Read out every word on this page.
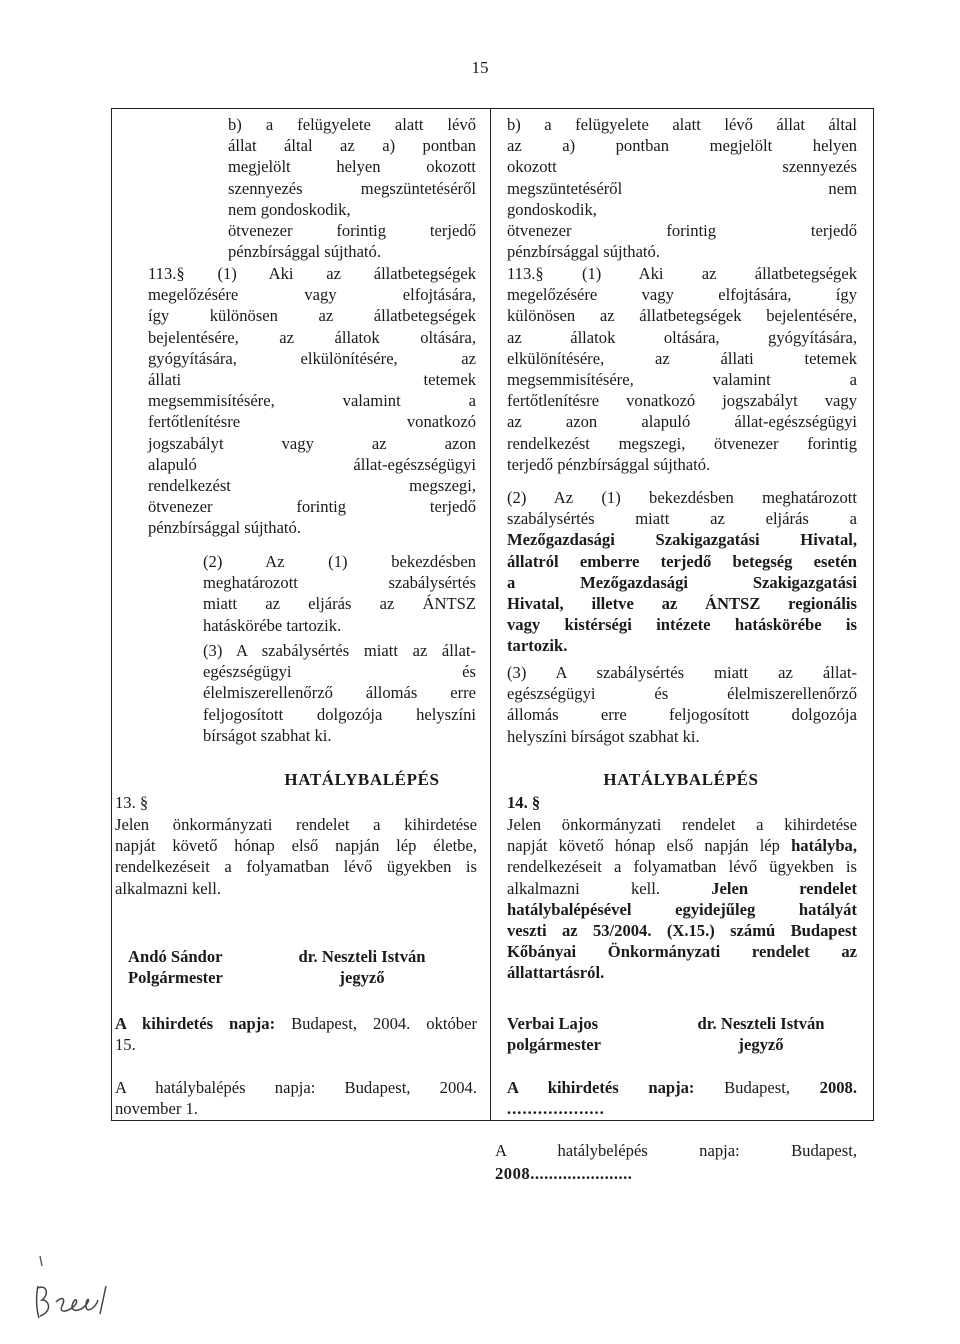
15
b) a felügyelete alatt lévő
állat által az a) pontban
megjelölt helyen okozott
szennyezés megszüntetéséről
nem gondoskodik,
ötvenezer forintig terjedő
pénzbírsággal sújtható.
113.§ (1) Aki az állatbetegségek
megelőzésére vagy elfojtására,
így különösen az állatbetegségek
bejelentésére, az állatok oltására,
gyógyítására, elkülönítésére, az
állati tetemek
megsemmisítésére, valamint a
fertőtlenítésre vonatkozó
jogszabályt vagy az azon
alapuló állat-egészségügyi
rendelkezést megszegi,
ötvenezer forintig terjedő
pénzbírsággal sújtható.
(2) Az (1) bekezdésben
meghatározott szabálysértés
miatt az eljárás az ÁNTSZ
hatáskörébe tartozik.
(3) A szabálysértés miatt az állat-
egészségügyi és
élelmiszerellenőrző állomás erre
feljogosított dolgozója helyszíni
bírságot szabhat ki.
HATÁLYBALÉPÉS
13. §
Jelen önkormányzati rendelet a kihirdetése
napját követő hónap első napján lép életbe,
rendelkezéseit a folyamatban lévő ügyekben is
alkalmazni kell.
Andó Sándor
Polgármester
dr. Neszteli István
jegyző
A kihirdetés napja: Budapest, 2004. október
15.
A hatálybalépés napja: Budapest, 2004.
november 1.
b) a felügyelete alatt lévő állat által
az a) pontban megjelölt helyen
okozott szennyezés
megszüntetéséről nem
gondoskodik,
ötvenezer forintig terjedő
pénzbírsággal sújtható.
113.§ (1) Aki az állatbetegségek
megelőzésére vagy elfojtására, így
különösen az állatbetegségek bejelentésére,
az állatok oltására, gyógyítására,
elkülönítésére, az állati tetemek
megsemmisítésére, valamint a
fertőtlenítésre vonatkozó jogszabályt vagy
az azon alapuló állat-egészségügyi
rendelkezést megszegi, ötvenezer forintig
terjedő pénzbírsággal sújtható.
(2) Az (1) bekezdésben meghatározott
szabálysértés miatt az eljárás a
Mezőgazdasági Szakigazgatási Hivatal,
állatról emberre terjedő betegség esetén
a Mezőgazdasági Szakigazgatási
Hivatal, illetve az ÁNTSZ regionális
vagy kistérségi intézete hatáskörébe is
tartozik.
(3) A szabálysértés miatt az állat-
egészségügyi és élelmiszerellenőrző
állomás erre feljogosított dolgozója
helyszíni bírságot szabhat ki.
HATÁLYBALÉPÉS
14. §
Jelen önkormányzati rendelet a kihirdetése
napját követő hónap első napján lép hatályba,
rendelkezéseit a folyamatban lévő ügyekben is
alkalmazni kell. Jelen rendelet
hatálybalépésével egyidejűleg hatályát
veszti az 53/2004. (X.15.) számú Budapest
Kőbányai Önkormányzati rendelet az
állattartásról.
Verbai Lajos
polgármester
dr. Neszteli István
jegyző
A kihirdetés napja: Budapest, 2008.
...................
A hatálybelépés napja: Budapest,
2008......................
